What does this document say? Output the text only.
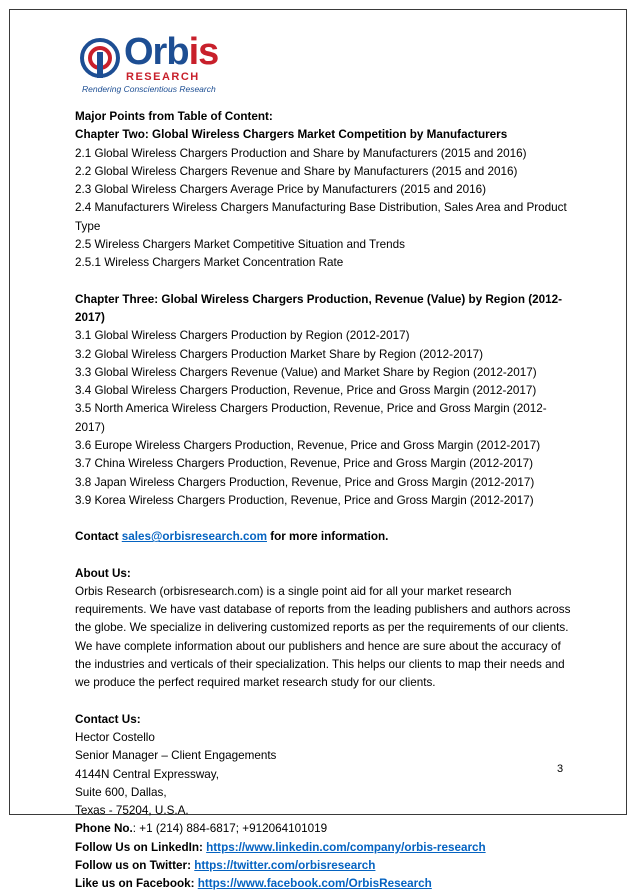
Orbis
RESEARCH
Rendering Conscientious Research

Major Points from Table of Content:

Chapter Two: Global Wireless Chargers Market Competition by Manufacturers

2.1 Global Wireless Chargers Production and Share by Manufacturers (2015 and 2016)

2.2 Global Wireless Chargers Revenue and Share by Manufacturers (2015 and 2016)

2.3 Global Wireless Chargers Average Price by Manufacturers (2015 and 2016)

2.4 Manufacturers Wireless Chargers Manufacturing Base Distribution, Sales Area and Product

Type

2.5 Wireless Chargers Market Competitive Situation and Trends

2.5.1 Wireless Chargers Market Concentration Rate

Chapter Three: Global Wireless Chargers Production, Revenue (Value) by Region (2012-2017)

3.1 Global Wireless Chargers Production by Region (2012-2017)

3.2 Global Wireless Chargers Production Market Share by Region (2012-2017)

3.3 Global Wireless Chargers Revenue (Value) and Market Share by Region (2012-2017)

3.4 Global Wireless Chargers Production, Revenue, Price and Gross Margin (2012-2017)

3.5 North America Wireless Chargers Production, Revenue, Price and Gross Margin (2012-2017)

3.6 Europe Wireless Chargers Production, Revenue, Price and Gross Margin (2012-2017)

3.7 China Wireless Chargers Production, Revenue, Price and Gross Margin (2012-2017)

3.8 Japan Wireless Chargers Production, Revenue, Price and Gross Margin (2012-2017)

3.9 Korea Wireless Chargers Production, Revenue, Price and Gross Margin (2012-2017)

Contact sales@orbisresearch.com for more information.

About Us:

Orbis Research (orbisresearch.com) is a single point aid for all your market research

requirements. We have vast database of reports from the leading publishers and authors across

the globe. We specialize in delivering customized reports as per the requirements of our clients.

We have complete information about our publishers and hence are sure about the accuracy of

the industries and verticals of their specialization. This helps our clients to map their needs and

we produce the perfect required market research study for our clients.

Contact Us:

Hector Costello

Senior Manager – Client Engagements

4144N Central Expressway,

Suite 600, Dallas,

Texas - 75204, U.S.A.

Phone No.: +1 (214) 884-6817; +912064101019

Follow Us on LinkedIn: https://www.linkedin.com/company/orbis-research

Follow us on Twitter: https://twitter.com/orbisresearch

Like us on Facebook: https://www.facebook.com/OrbisResearch

3
